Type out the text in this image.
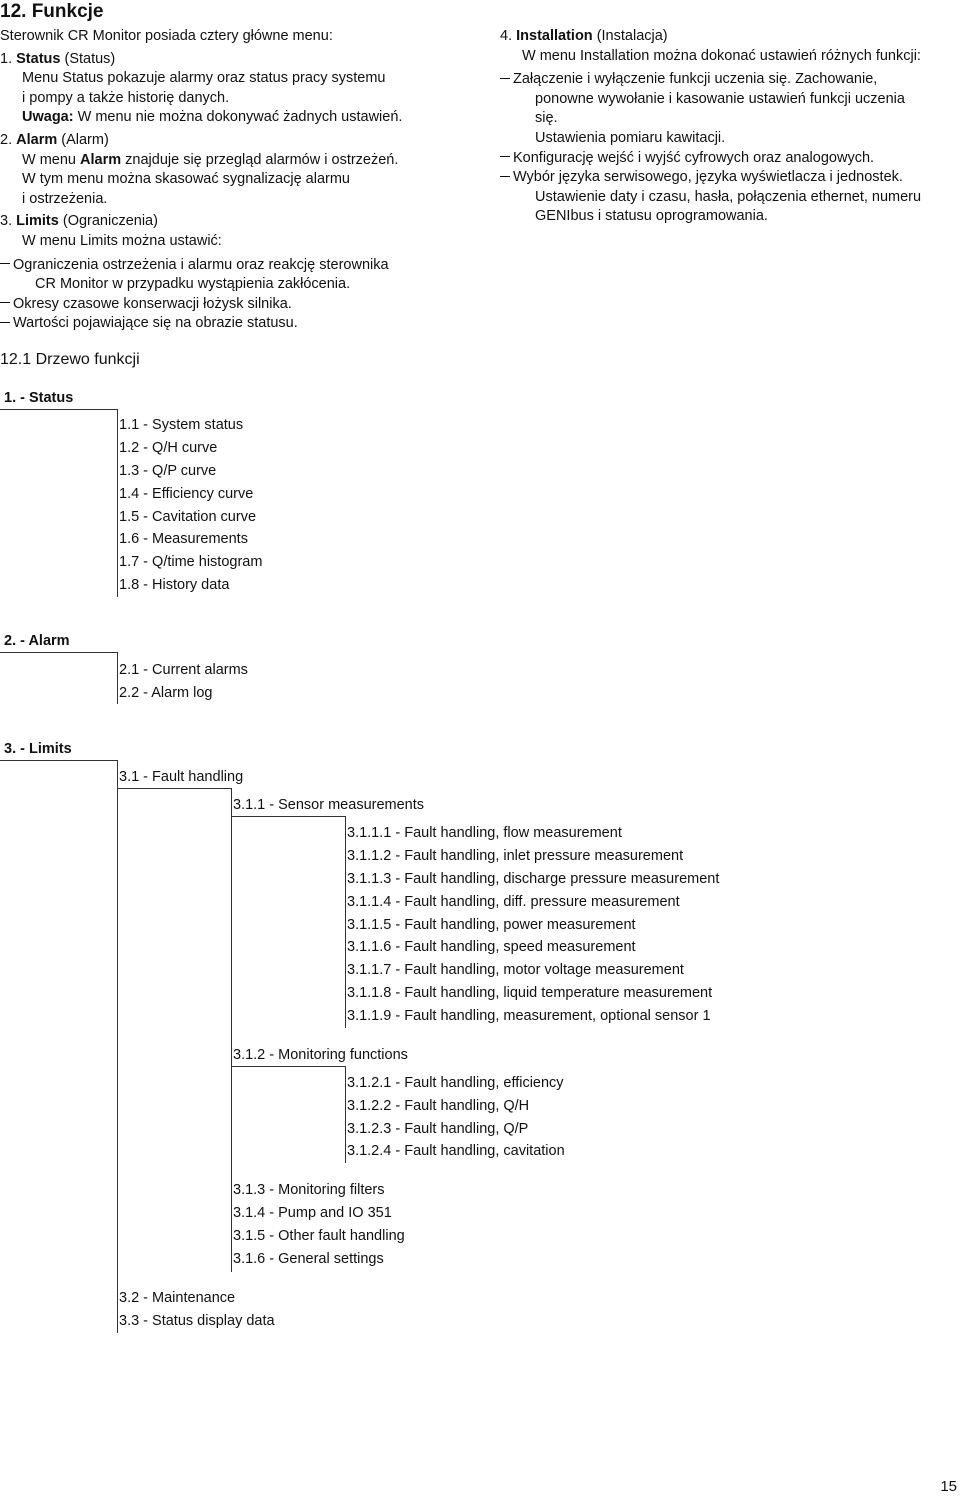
12. Funkcje

Sterownik CR Monitor posiada cztery główne menu:

1. Status (Status)

Menu Status pokazuje alarmy oraz status pracy systemu

i pompy a także historię danych.

Uwaga: W menu nie można dokonywać żadnych ustawień.

2. Alarm (Alarm)

W menu Alarm znajduje się przegląd alarmów i ostrzeżeń.

W tym menu można skasować sygnalizację alarmu

i ostrzeżenia.

3. Limits (Ograniczenia)

W menu Limits można ustawić:

Ograniczenia ostrzeżenia i alarmu oraz reakcję sterownika

CR Monitor w przypadku wystąpienia zakłócenia.

Okresy czasowe konserwacji łożysk silnika.

Wartości pojawiające się na obrazie statusu.

4. Installation (Instalacja)

W menu Installation można dokonać ustawień różnych funkcji:

Załączenie i wyłączenie funkcji uczenia się. Zachowanie,

ponowne wywołanie i kasowanie ustawień funkcji uczenia

się.

Ustawienia pomiaru kawitacji.

Konfigurację wejść i wyjść cyfrowych oraz analogowych.

Wybór języka serwisowego, języka wyświetlacza i jednostek.

Ustawienie daty i czasu, hasła, połączenia ethernet, numeru

GENIbus i statusu oprogramowania.

12.1 Drzewo funkcji
1. - Status
1.1 - System status
1.2 - Q/H curve
1.3 - Q/P curve
1.4 - Efficiency curve
1.5 - Cavitation curve
1.6 - Measurements
1.7 - Q/time histogram
1.8 - History data
2. - Alarm
2.1 - Current alarms
2.2 - Alarm log
3. - Limits
3.1 - Fault handling
3.1.1 - Sensor measurements
3.1.1.1 - Fault handling, flow measurement
3.1.1.2 - Fault handling, inlet pressure measurement
3.1.1.3 - Fault handling, discharge pressure measurement
3.1.1.4 - Fault handling, diff. pressure measurement
3.1.1.5 - Fault handling, power measurement
3.1.1.6 - Fault handling, speed measurement
3.1.1.7 - Fault handling, motor voltage measurement
3.1.1.8 - Fault handling, liquid temperature measurement
3.1.1.9 - Fault handling, measurement, optional sensor 1
3.1.2 - Monitoring functions
3.1.2.1 - Fault handling, efficiency
3.1.2.2 - Fault handling, Q/H
3.1.2.3 - Fault handling, Q/P
3.1.2.4 - Fault handling, cavitation
3.1.3 - Monitoring filters
3.1.4 - Pump and IO 351
3.1.5 - Other fault handling
3.1.6 - General settings
3.2 - Maintenance
3.3 - Status display data
15
